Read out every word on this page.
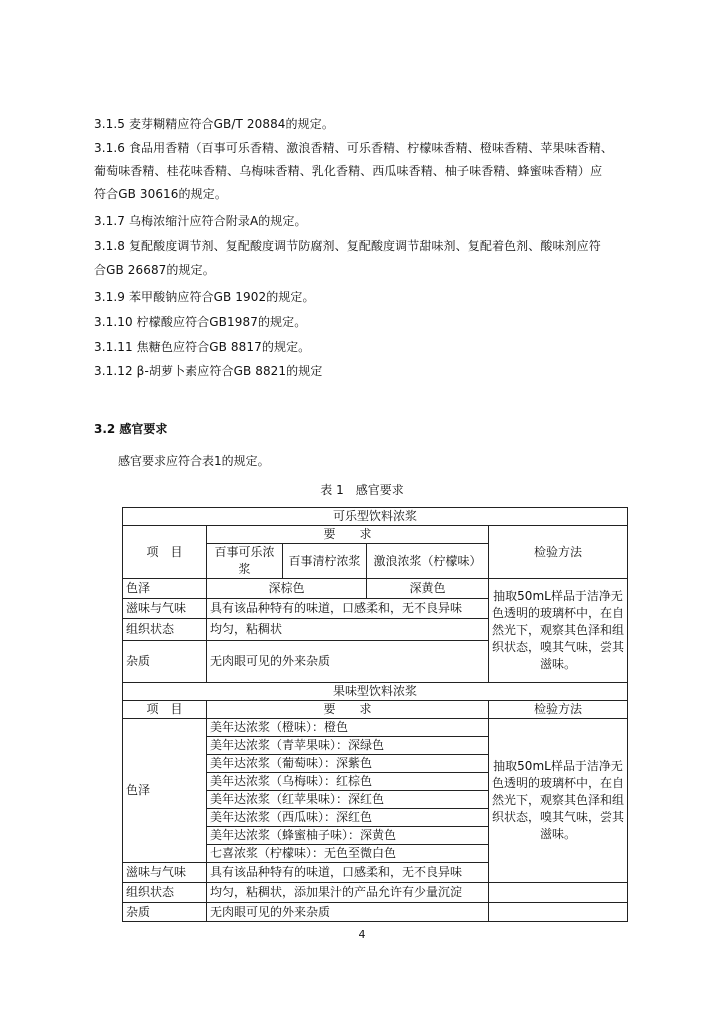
3.1.5 麦芽糊精应符合GB/T 20884的规定。

3.1.6 食品用香精（百事可乐香精、激浪香精、可乐香精、柠檬味香精、橙味香精、苹果味香精、

葡萄味香精、桂花味香精、乌梅味香精、乳化香精、西瓜味香精、柚子味香精、蜂蜜味香精）应

符合GB 30616的规定。

3.1.7 乌梅浓缩汁应符合附录A的规定。

3.1.8 复配酸度调节剂、复配酸度调节防腐剂、复配酸度调节甜味剂、复配着色剂、酸味剂应符

合GB 26687的规定。

3.1.9 苯甲酸钠应符合GB 1902的规定。

3.1.10 柠檬酸应符合GB1987的规定。

3.1.11 焦糖色应符合GB 8817的规定。

3.1.12 β-胡萝卜素应符合GB 8821的规定

3.2 感官要求
感官要求应符合表1的规定。
表 1　感官要求
可乐型饮料浓浆				
项　目	要　　求			检验方法
	百事可乐浓浆	百事清柠浓浆	激浪浓浆（柠檬味）	
色泽	深棕色		深黄色	抽取50mL样品于洁净无色透明的玻璃杯中，在自然光下，观察其色泽和组织状态，嗅其气味，尝其滋味。
滋味与气味	具有该品种特有的味道，口感柔和，无不良异味			
组织状态	均匀，粘稠状			
杂质	无肉眼可见的外来杂质			
果味型饮料浓浆				
项　目	要　　求			检验方法
色泽	美年达浓浆（橙味）：橙色			抽取50mL样品于洁净无色透明的玻璃杯中，在自然光下，观察其色泽和组织状态，嗅其气味，尝其滋味。
	美年达浓浆（青苹果味）：深绿色			
	美年达浓浆（葡萄味）：深紫色			
	美年达浓浆（乌梅味）：红棕色			
	美年达浓浆（红苹果味）：深红色			
	美年达浓浆（西瓜味）：深红色			
	美年达浓浆（蜂蜜柚子味）：深黄色			
	七喜浓浆（柠檬味）：无色至微白色			
滋味与气味	具有该品种特有的味道，口感柔和，无不良异味			
组织状态	均匀，粘稠状，添加果汁的产品允许有少量沉淀			
杂质	无肉眼可见的外来杂质			
4
